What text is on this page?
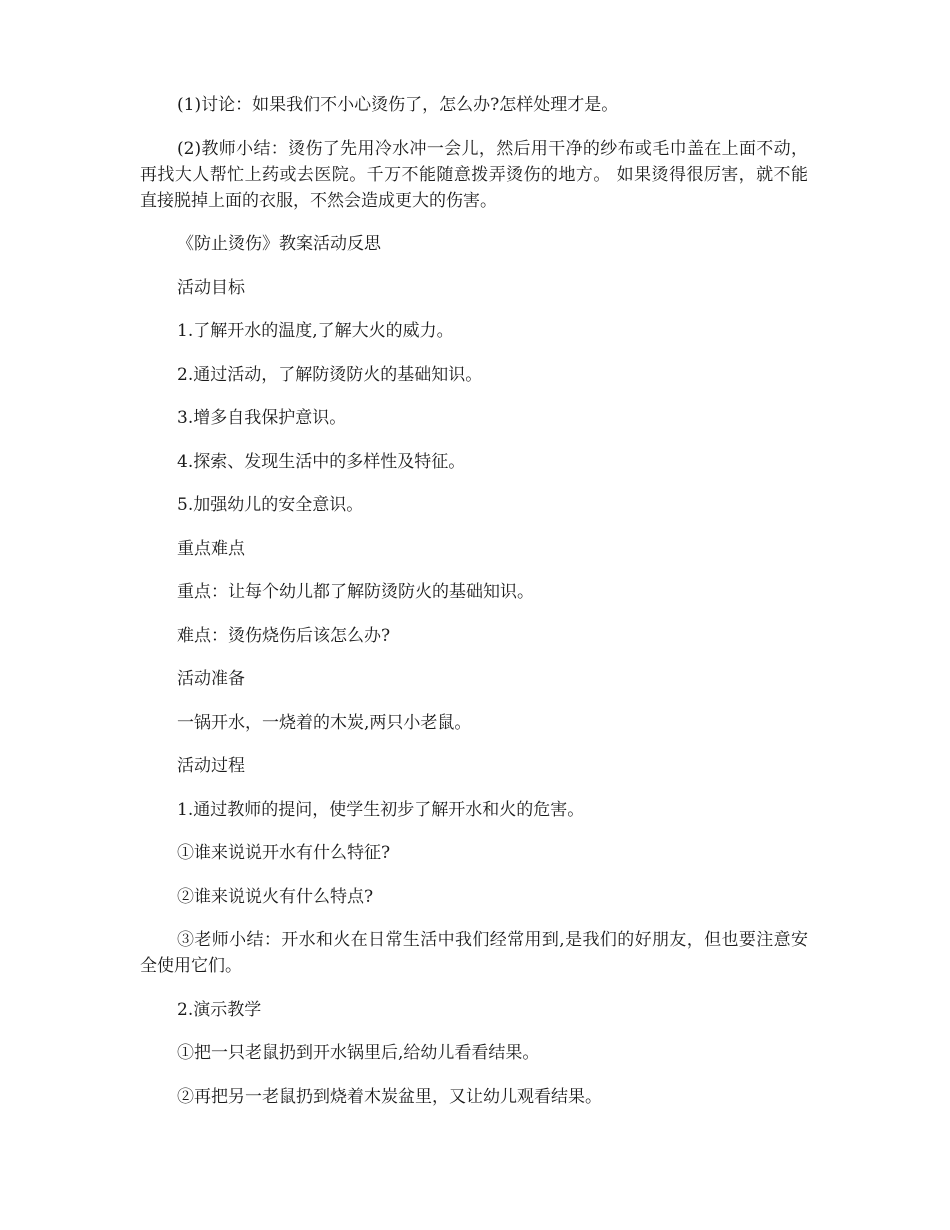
(1)讨论：如果我们不小心烫伤了，怎么办?怎样处理才是。

(2)教师小结：烫伤了先用冷水冲一会儿，然后用干净的纱布或毛巾盖在上面不动，再找大人帮忙上药或去医院。千万不能随意拨弄烫伤的地方。 如果烫得很厉害，就不能直接脱掉上面的衣服，不然会造成更大的伤害。

《防止烫伤》教案活动反思

活动目标

1.了解开水的温度,了解大火的威力。

2.通过活动，了解防烫防火的基础知识。

3.增多自我保护意识。

4.探索、发现生活中的多样性及特征。

5.加强幼儿的安全意识。

重点难点

重点：让每个幼儿都了解防烫防火的基础知识。

难点：烫伤烧伤后该怎么办?

活动准备

一锅开水，一烧着的木炭,两只小老鼠。

活动过程

1.通过教师的提问，使学生初步了解开水和火的危害。

①谁来说说开水有什么特征?

②谁来说说火有什么特点?

③老师小结：开水和火在日常生活中我们经常用到,是我们的好朋友，但也要注意安全使用它们。

2.演示教学

①把一只老鼠扔到开水锅里后,给幼儿看看结果。

②再把另一老鼠扔到烧着木炭盆里，又让幼儿观看结果。
